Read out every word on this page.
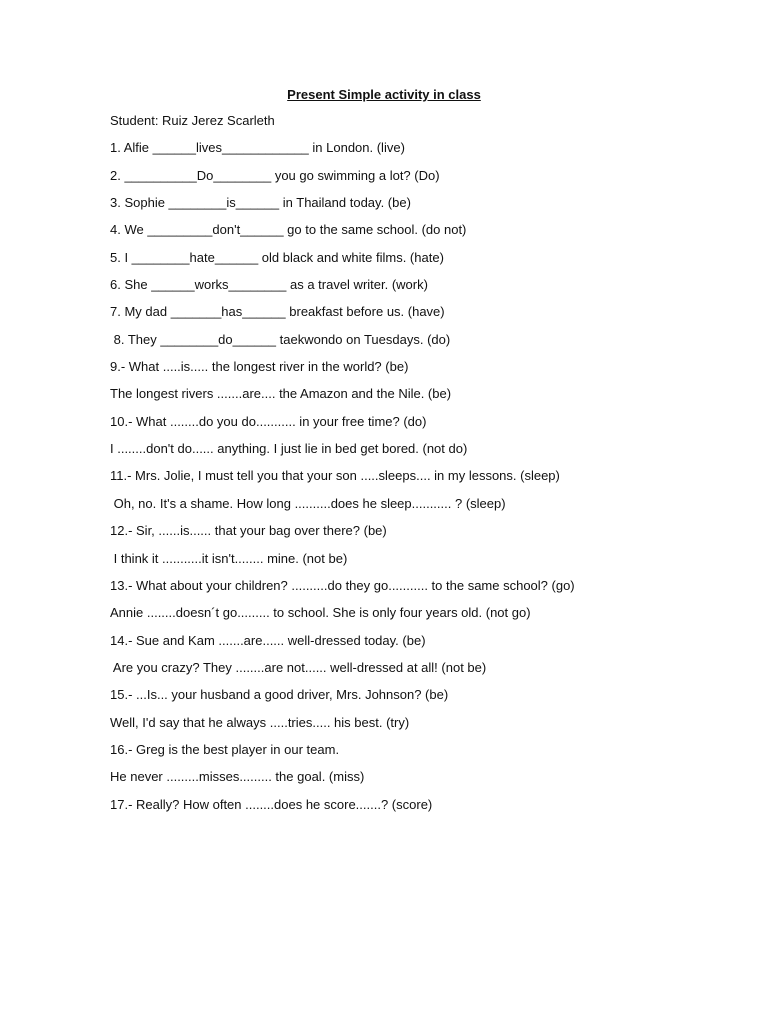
Present Simple activity in class
Student: Ruiz Jerez Scarleth
1. Alfie ______lives____________ in London. (live)
2. __________Do________ you go swimming a lot? (Do)
3. Sophie ________is______ in Thailand today. (be)
4. We _________don't______ go to the same school. (do not)
5. I ________hate______ old black and white films. (hate)
6. She ______works________ as a travel writer. (work)
7. My dad _______has______ breakfast before us. (have)
8. They ________do______ taekwondo on Tuesdays. (do)
9.- What .....is..... the longest river in the world? (be)
The longest rivers .......are.... the Amazon and the Nile. (be)
10.- What ........do you do........... in your free time? (do)
I ........don't do...... anything. I just lie in bed get bored. (not do)
11.- Mrs. Jolie, I must tell you that your son .....sleeps.... in my lessons. (sleep)
Oh, no. It's a shame. How long ..........does he sleep........... ? (sleep)
12.- Sir, ......is...... that your bag over there? (be)
I think it ...........it isn't........ mine. (not be)
13.- What about your children? ..........do they go........... to the same school? (go)
Annie ........doesn´t go......... to school. She is only four years old. (not go)
14.- Sue and Kam .......are...... well-dressed today. (be)
Are you crazy? They ........are not...... well-dressed at all! (not be)
15.- ...Is... your husband a good driver, Mrs. Johnson? (be)
Well, I'd say that he always .....tries..... his best. (try)
16.- Greg is the best player in our team.
He never .........misses......... the goal. (miss)
17.- Really? How often ........does he score.......? (score)
